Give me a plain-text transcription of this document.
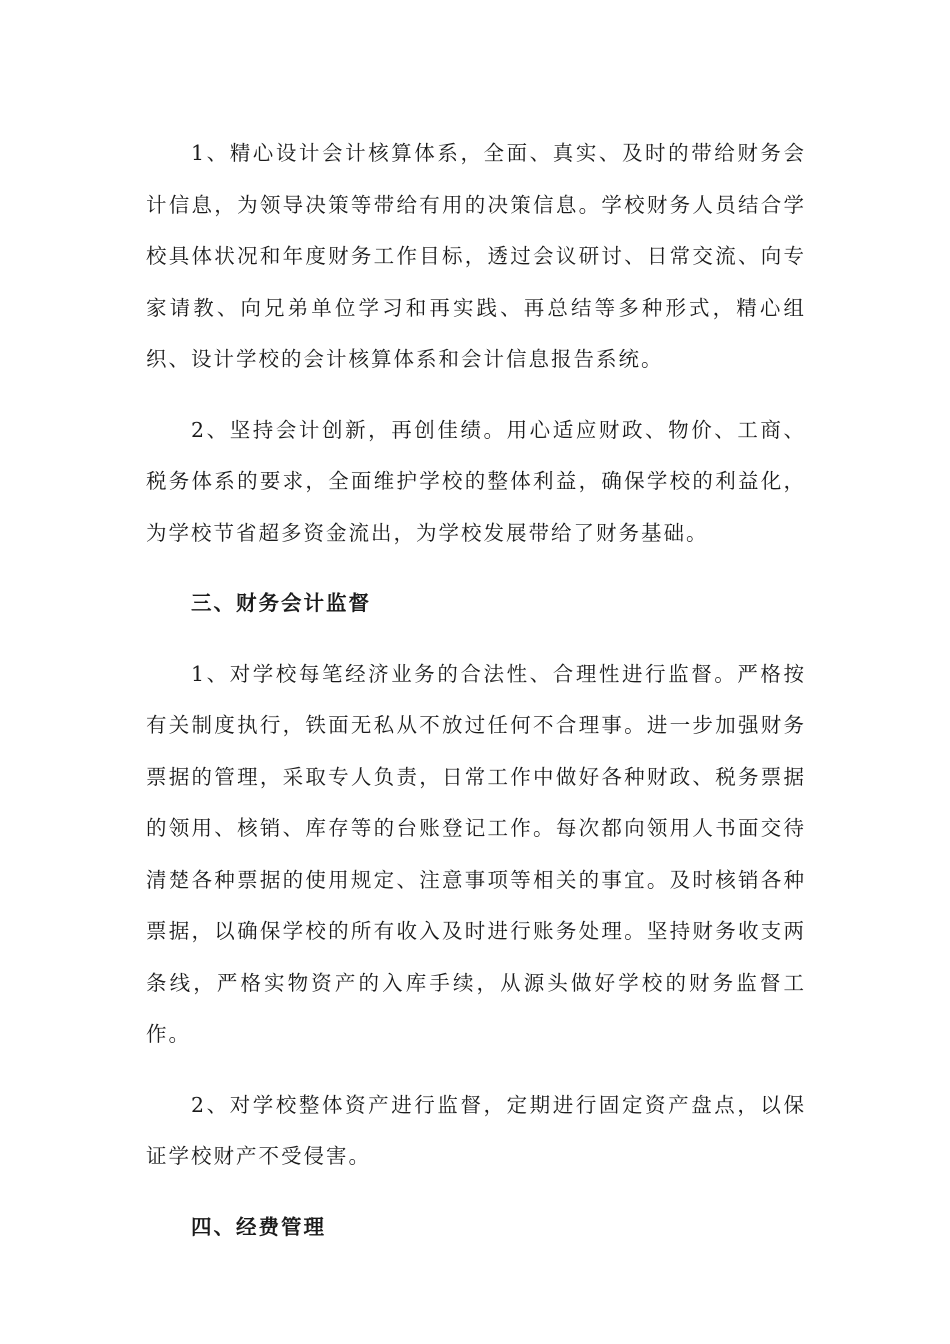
1、精心设计会计核算体系，全面、真实、及时的带给财务会计信息，为领导决策等带给有用的决策信息。学校财务人员结合学校具体状况和年度财务工作目标，透过会议研讨、日常交流、向专家请教、向兄弟单位学习和再实践、再总结等多种形式，精心组织、设计学校的会计核算体系和会计信息报告系统。

2、坚持会计创新，再创佳绩。用心适应财政、物价、工商、税务体系的要求，全面维护学校的整体利益，确保学校的利益化，为学校节省超多资金流出，为学校发展带给了财务基础。

三、财务会计监督

1、对学校每笔经济业务的合法性、合理性进行监督。严格按有关制度执行，铁面无私从不放过任何不合理事。进一步加强财务票据的管理，采取专人负责，日常工作中做好各种财政、税务票据的领用、核销、库存等的台账登记工作。每次都向领用人书面交待清楚各种票据的使用规定、注意事项等相关的事宜。及时核销各种票据，以确保学校的所有收入及时进行账务处理。坚持财务收支两条线，严格实物资产的入库手续，从源头做好学校的财务监督工作。

2、对学校整体资产进行监督，定期进行固定资产盘点，以保证学校财产不受侵害。

四、经费管理
